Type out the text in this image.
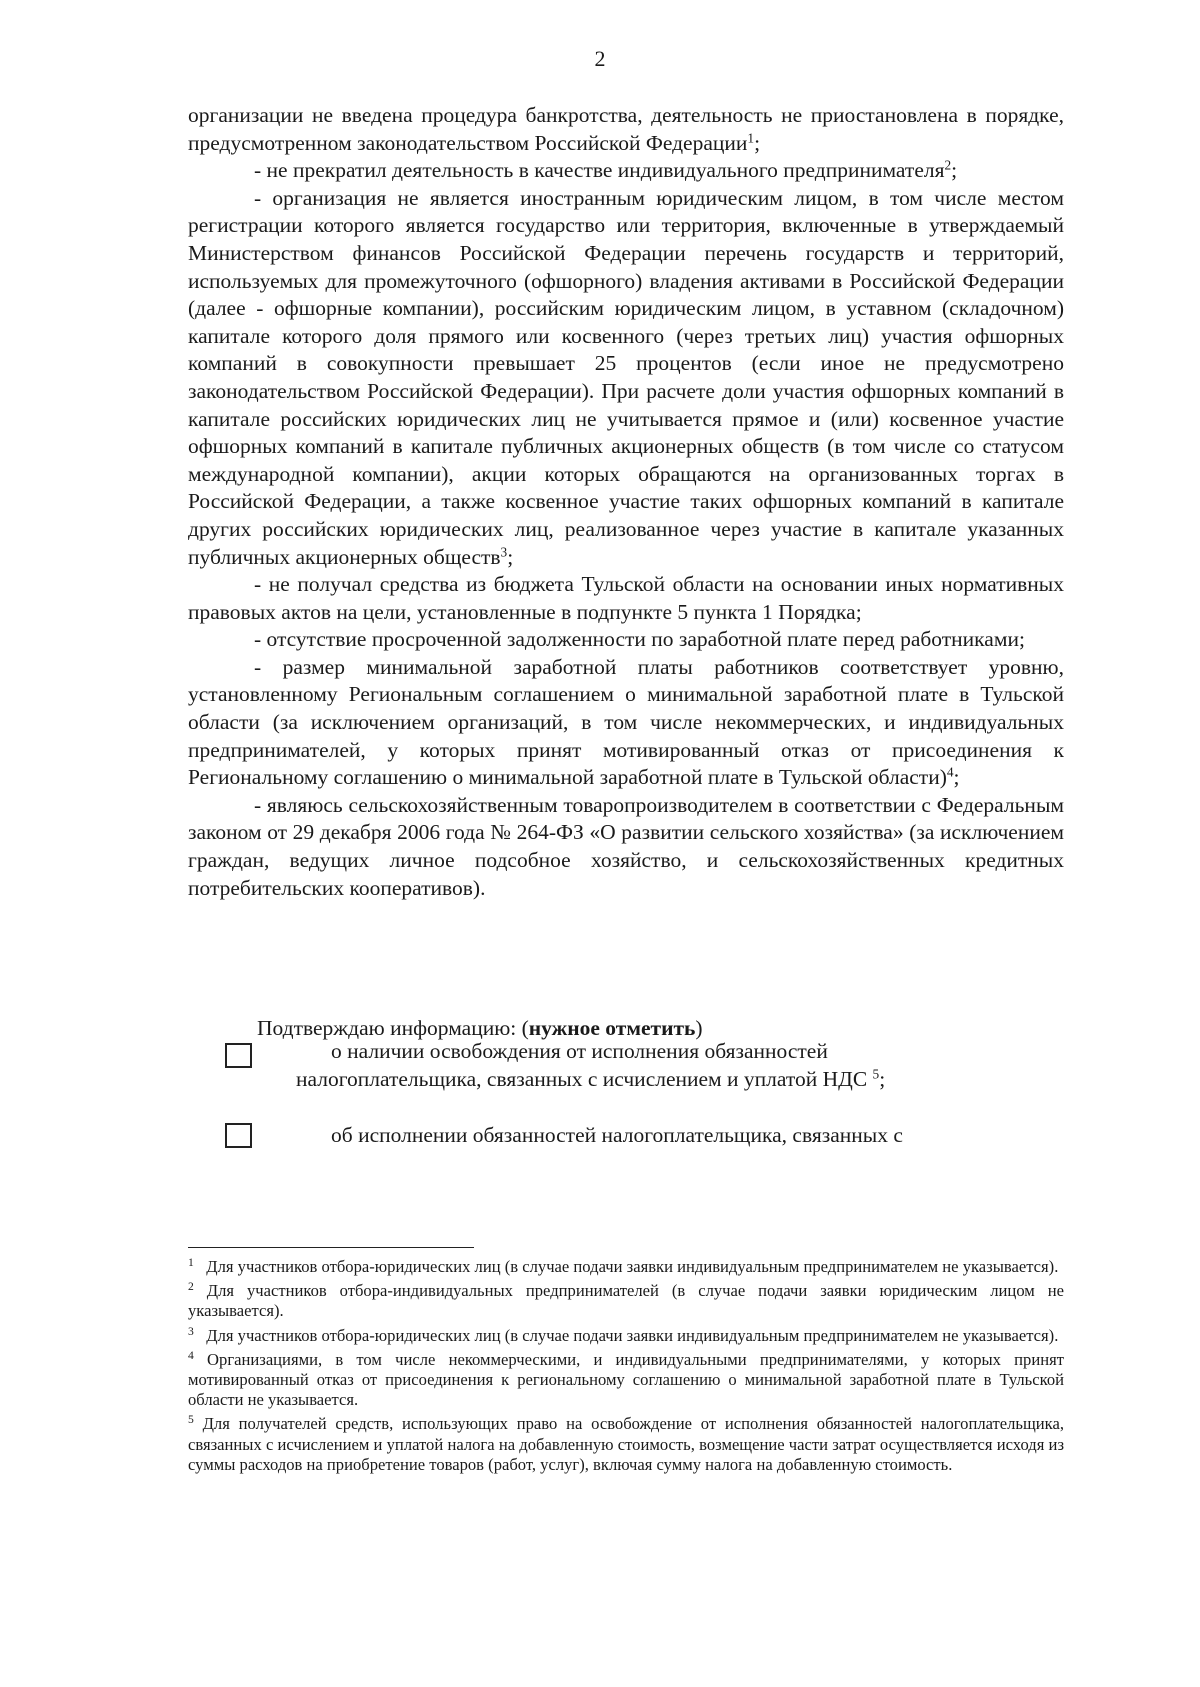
2

организации не введена процедура банкротства, деятельность не приостановлена в порядке, предусмотренном законодательством Российской Федерации$^1$;

- не прекратил деятельность в качестве индивидуального предпринимателя$^2$;

- организация не является иностранным юридическим лицом, в том числе местом регистрации которого является государство или территория, включенные в утверждаемый Министерством финансов Российской Федерации перечень государств и территорий, используемых для промежуточного (офшорного) владения активами в Российской Федерации (далее - офшорные компании), российским юридическим лицом, в уставном (складочном) капитале которого доля прямого или косвенного (через третьих лиц) участия офшорных компаний в совокупности превышает 25 процентов (если иное не предусмотрено законодательством Российской Федерации). При расчете доли участия офшорных компаний в капитале российских юридических лиц не учитывается прямое и (или) косвенное участие офшорных компаний в капитале публичных акционерных обществ (в том числе со статусом международной компании), акции которых обращаются на организованных торгах в Российской Федерации, а также косвенное участие таких офшорных компаний в капитале других российских юридических лиц, реализованное через участие в капитале указанных публичных акционерных обществ$^3$;

- не получал средства из бюджета Тульской области на основании иных нормативных правовых актов на цели, установленные в подпункте 5 пункта 1 Порядка;

- отсутствие просроченной задолженности по заработной плате перед работниками;

- размер минимальной заработной платы работников соответствует уровню, установленному Региональным соглашением о минимальной заработной плате в Тульской области (за исключением организаций, в том числе некоммерческих, и индивидуальных предпринимателей, у которых принят мотивированный отказ от присоединения к Региональному соглашению о минимальной заработной плате в Тульской области)$^4$;

- являюсь сельскохозяйственным товаропроизводителем в соответствии с Федеральным законом от 29 декабря 2006 года № 264-ФЗ «О развитии сельского хозяйства» (за исключением граждан, ведущих личное подсобное хозяйство, и сельскохозяйственных кредитных потребительских кооперативов).

Подтверждаю информацию: (нужное отметить)
о наличии освобождения от исполнения обязанностей
налогоплательщика, связанных с исчислением и уплатой НДС $^5$;
об исполнении обязанностей налогоплательщика, связанных с

$^1$ Для участников отбора-юридических лиц (в случае подачи заявки индивидуальным предпринимателем не указывается).

$^2$ Для участников отбора-индивидуальных предпринимателей (в случае подачи заявки юридическим лицом не указывается).

$^3$ Для участников отбора-юридических лиц (в случае подачи заявки индивидуальным предпринимателем не указывается).

$^4$ Организациями, в том числе некоммерческими, и индивидуальными предпринимателями, у которых принят мотивированный отказ от присоединения к региональному соглашению о минимальной заработной плате в Тульской области не указывается.

$^5$ Для получателей средств, использующих право на освобождение от исполнения обязанностей налогоплательщика, связанных с исчислением и уплатой налога на добавленную стоимость, возмещение части затрат осуществляется исходя из суммы расходов на приобретение товаров (работ, услуг), включая сумму налога на добавленную стоимость.
